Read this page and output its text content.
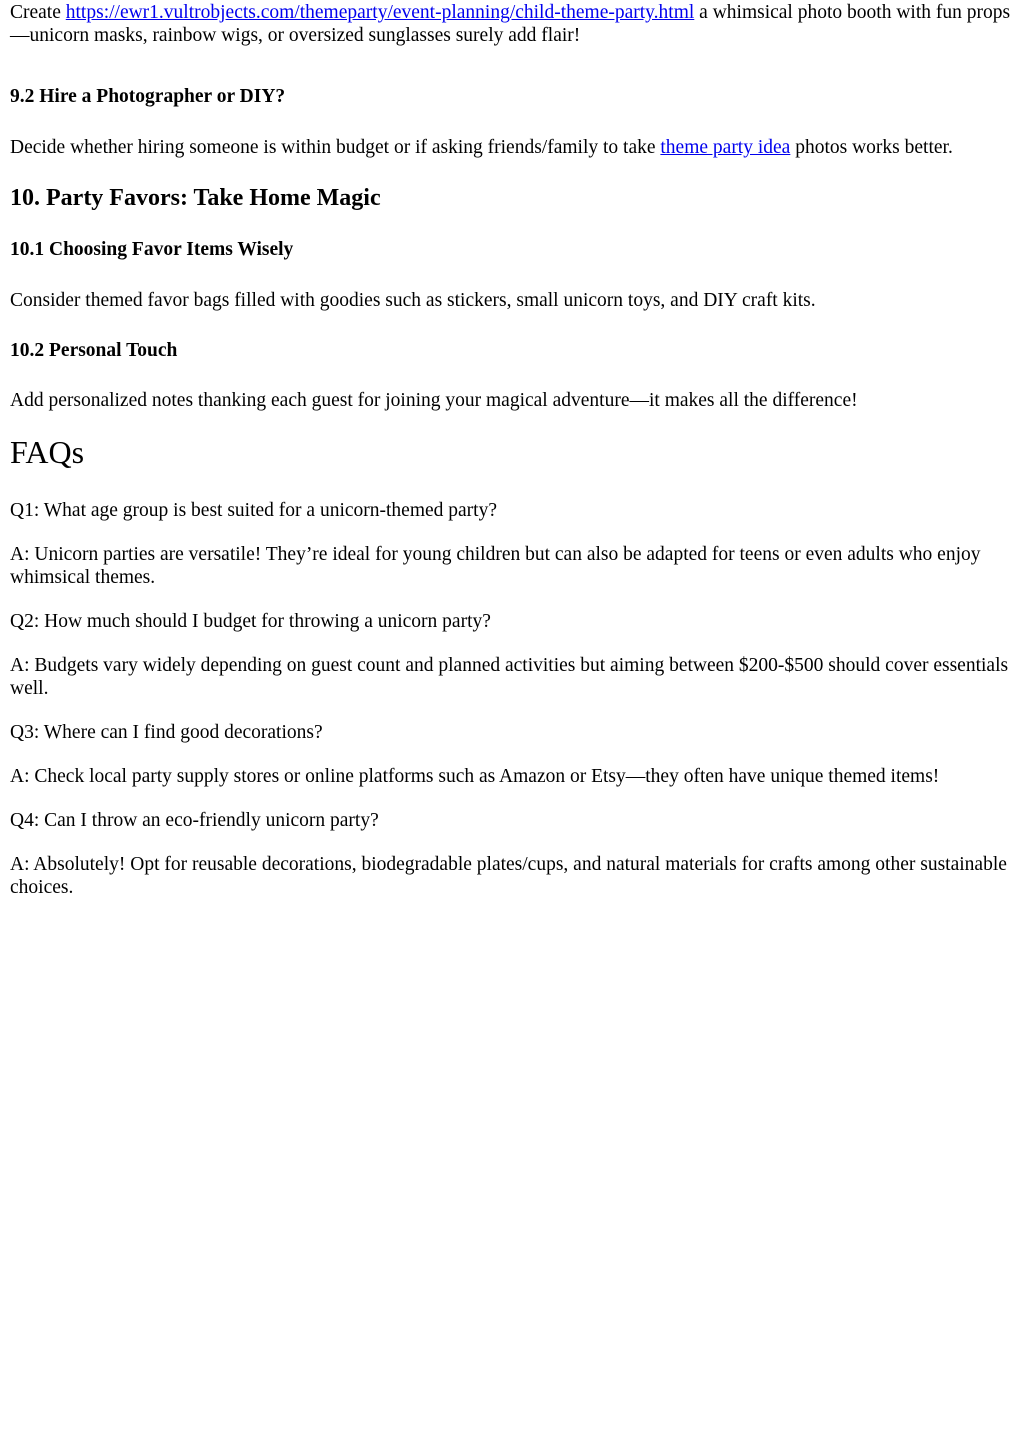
Create https://ewr1.vultrobjects.com/themeparty/event-planning/child-theme-party.html a whimsical photo booth with fun props—unicorn masks, rainbow wigs, or oversized sunglasses surely add flair!

9.2 Hire a Photographer or DIY?

Decide whether hiring someone is within budget or if asking friends/family to take theme party idea photos works better.

10. Party Favors: Take Home Magic
10.1 Choosing Favor Items Wisely

Consider themed favor bags filled with goodies such as stickers, small unicorn toys, and DIY craft kits.

10.2 Personal Touch

Add personalized notes thanking each guest for joining your magical adventure—it makes all the difference!

FAQs

Q1: What age group is best suited for a unicorn-themed party?

A: Unicorn parties are versatile! They’re ideal for young children but can also be adapted for teens or even adults who enjoy whimsical themes.

Q2: How much should I budget for throwing a unicorn party?

A: Budgets vary widely depending on guest count and planned activities but aiming between $200-$500 should cover essentials well.

Q3: Where can I find good decorations?

A: Check local party supply stores or online platforms such as Amazon or Etsy—they often have unique themed items!

Q4: Can I throw an eco-friendly unicorn party?

A: Absolutely! Opt for reusable decorations, biodegradable plates/cups, and natural materials for crafts among other sustainable choices.
